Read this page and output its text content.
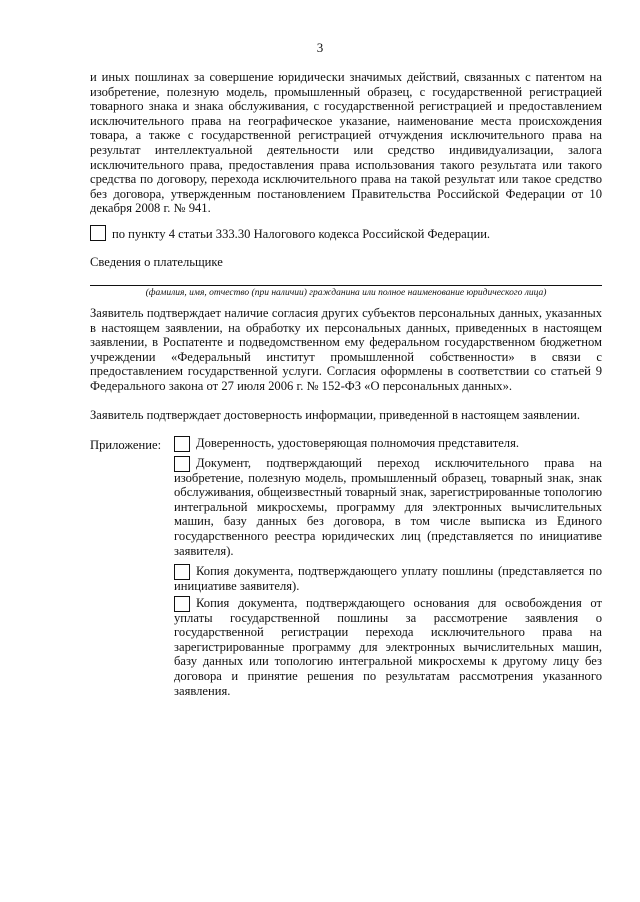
3
и иных пошлинах за совершение юридически значимых действий, связанных с патентом на изобретение, полезную модель, промышленный образец, с государственной регистрацией товарного знака и знака обслуживания, с государственной регистрацией и предоставлением исключительного права на географическое указание, наименование места происхождения товара, а также с государственной регистрацией отчуждения исключительного права на результат интеллектуальной деятельности или средство индивидуализации, залога исключительного права, предоставления права использования такого результата или такого средства по договору, перехода исключительного права на такой результат или такое средство без договора, утвержденным постановлением Правительства Российской Федерации от 10 декабря 2008 г. № 941.
по пункту 4 статьи 333.30 Налогового кодекса Российской Федерации.
Сведения о плательщике
(фамилия, имя, отчество (при наличии) гражданина или полное наименование юридического лица)
Заявитель подтверждает наличие согласия других субъектов персональных данных, указанных в настоящем заявлении, на обработку их персональных данных, приведенных в настоящем заявлении, в Роспатенте и подведомственном ему федеральном государственном бюджетном учреждении «Федеральный институт промышленной собственности» в связи с предоставлением государственной услуги. Согласия оформлены в соответствии со статьей 9 Федерального закона от 27 июля 2006 г. № 152-ФЗ «О персональных данных».
Заявитель подтверждает достоверность информации, приведенной в настоящем заявлении.
Приложение:	Доверенность, удостоверяющая полномочия представителя.
Документ, подтверждающий переход исключительного права на изобретение, полезную модель, промышленный образец, товарный знак, знак обслуживания, общеизвестный товарный знак, зарегистрированные топологию интегральной микросхемы, программу для электронных вычислительных машин, базу данных без договора, в том числе выписка из Единого государственного реестра юридических лиц (представляется по инициативе заявителя).
Копия документа, подтверждающего уплату пошлины (представляется по инициативе заявителя).
Копия документа, подтверждающего основания для освобождения от уплаты государственной пошлины за рассмотрение заявления о государственной регистрации перехода исключительного права на зарегистрированные программу для электронных вычислительных машин, базу данных или топологию интегральной микросхемы к другому лицу без договора и принятие решения по результатам рассмотрения указанного заявления.
